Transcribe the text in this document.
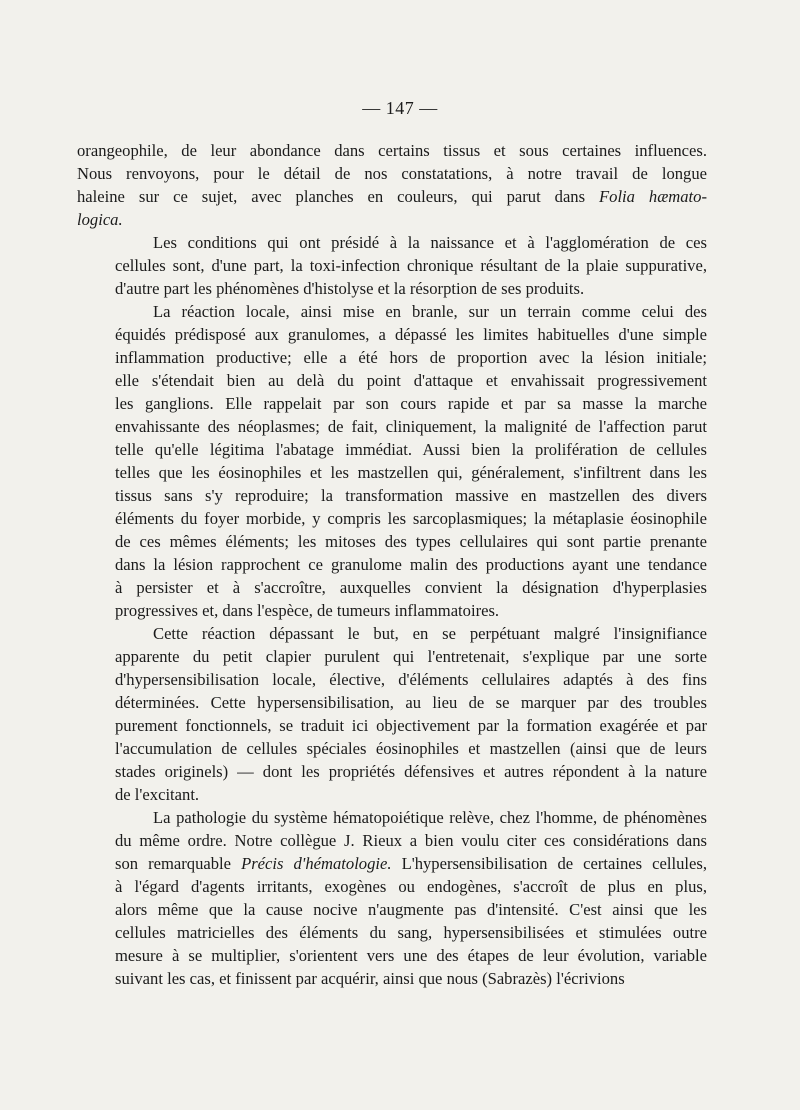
— 147 —
orangeophile, de leur abondance dans certains tissus et sous certaines influences.
Nous renvoyons, pour le détail de nos constatations, à notre travail de longue
haleine sur ce sujet, avec planches en couleurs, qui parut dans Folia hæmato-
logica.
Les conditions qui ont présidé à la naissance et à l'agglomération de ces
cellules sont, d'une part, la toxi-infection chronique résultant de la plaie suppurative,
d'autre part les phénomènes d'histolyse et la résorption de ses produits.
La réaction locale, ainsi mise en branle, sur un terrain comme celui des
équidés prédisposé aux granulomes, a dépassé les limites habituelles d'une simple
inflammation productive; elle a été hors de proportion avec la lésion initiale;
elle s'étendait bien au delà du point d'attaque et envahissait progressivement
les ganglions. Elle rappelait par son cours rapide et par sa masse la marche
envahissante des néoplasmes; de fait, cliniquement, la malignité de l'affection parut
telle qu'elle légitima l'abatage immédiat. Aussi bien la prolifération de cellules
telles que les éosinophiles et les mastzellen qui, généralement, s'infiltrent dans les
tissus sans s'y reproduire; la transformation massive en mastzellen des divers
éléments du foyer morbide, y compris les sarcoplasmiques; la métaplasie éosinophile
de ces mêmes éléments; les mitoses des types cellulaires qui sont partie prenante
dans la lésion rapprochent ce granulome malin des productions ayant une tendance
à persister et à s'accroître, auxquelles convient la désignation d'hyperplasies
progressives et, dans l'espèce, de tumeurs inflammatoires.
Cette réaction dépassant le but, en se perpétuant malgré l'insignifiance
apparente du petit clapier purulent qui l'entretenait, s'explique par une sorte
d'hypersensibilisation locale, élective, d'éléments cellulaires adaptés à des fins
déterminées. Cette hypersensibilisation, au lieu de se marquer par des troubles
purement fonctionnels, se traduit ici objectivement par la formation exagérée et par
l'accumulation de cellules spéciales éosinophiles et mastzellen (ainsi que de leurs
stades originels) — dont les propriétés défensives et autres répondent à la nature
de l'excitant.
La pathologie du système hématopoiétique relève, chez l'homme, de phénomènes
du même ordre. Notre collègue J. Rieux a bien voulu citer ces considérations dans
son remarquable Précis d'hématologie. L'hypersensibilisation de certaines cellules,
à l'égard d'agents irritants, exogènes ou endogènes, s'accroît de plus en plus,
alors même que la cause nocive n'augmente pas d'intensité. C'est ainsi que les
cellules matricielles des éléments du sang, hypersensibilisées et stimulées outre
mesure à se multiplier, s'orientent vers une des étapes de leur évolution, variable
suivant les cas, et finissent par acquérir, ainsi que nous (Sabrazès) l'écrivions
